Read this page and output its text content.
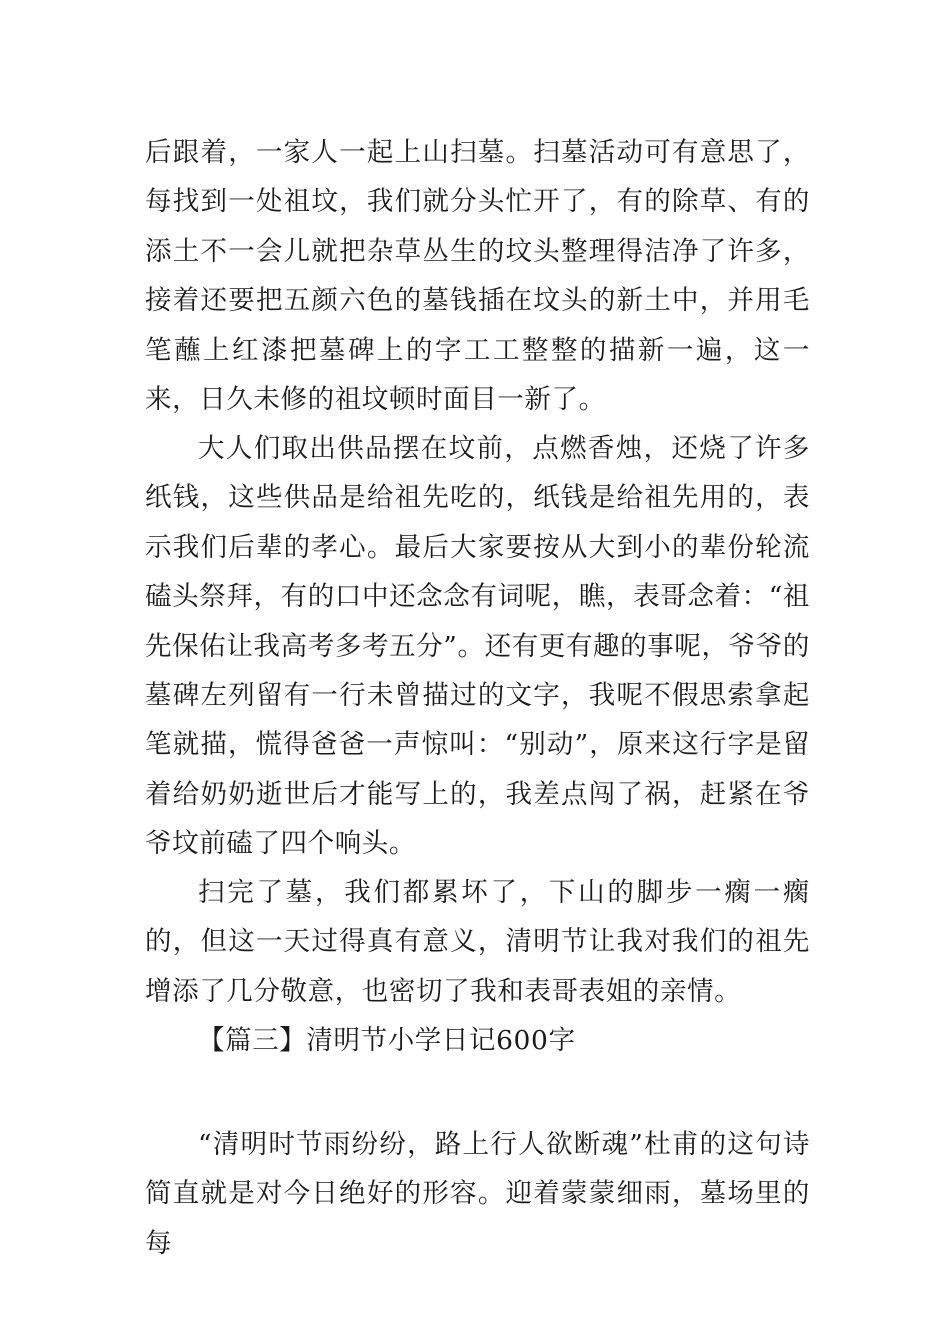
后跟着，一家人一起上山扫墓。扫墓活动可有意思了，每找到一处祖坟，我们就分头忙开了，有的除草、有的添土不一会儿就把杂草丛生的坟头整理得洁净了许多，接着还要把五颜六色的墓钱插在坟头的新土中，并用毛笔蘸上红漆把墓碑上的字工工整整的描新一遍，这一来，日久未修的祖坟顿时面目一新了。

大人们取出供品摆在坟前，点燃香烛，还烧了许多纸钱，这些供品是给祖先吃的，纸钱是给祖先用的，表示我们后辈的孝心。最后大家要按从大到小的辈份轮流磕头祭拜，有的口中还念念有词呢，瞧，表哥念着：“祖先保佑让我高考多考五分”。还有更有趣的事呢，爷爷的墓碑左列留有一行未曾描过的文字，我呢不假思索拿起笔就描，慌得爸爸一声惊叫：“别动”，原来这行字是留着给奶奶逝世后才能写上的，我差点闯了祸，赶紧在爷爷坟前磕了四个响头。

扫完了墓，我们都累坏了，下山的脚步一瘸一瘸的，但这一天过得真有意义，清明节让我对我们的祖先增添了几分敬意，也密切了我和表哥表姐的亲情。

【篇三】清明节小学日记600字

“清明时节雨纷纷，路上行人欲断魂”杜甫的这句诗简直就是对今日绝好的形容。迎着蒙蒙细雨，墓场里的每
